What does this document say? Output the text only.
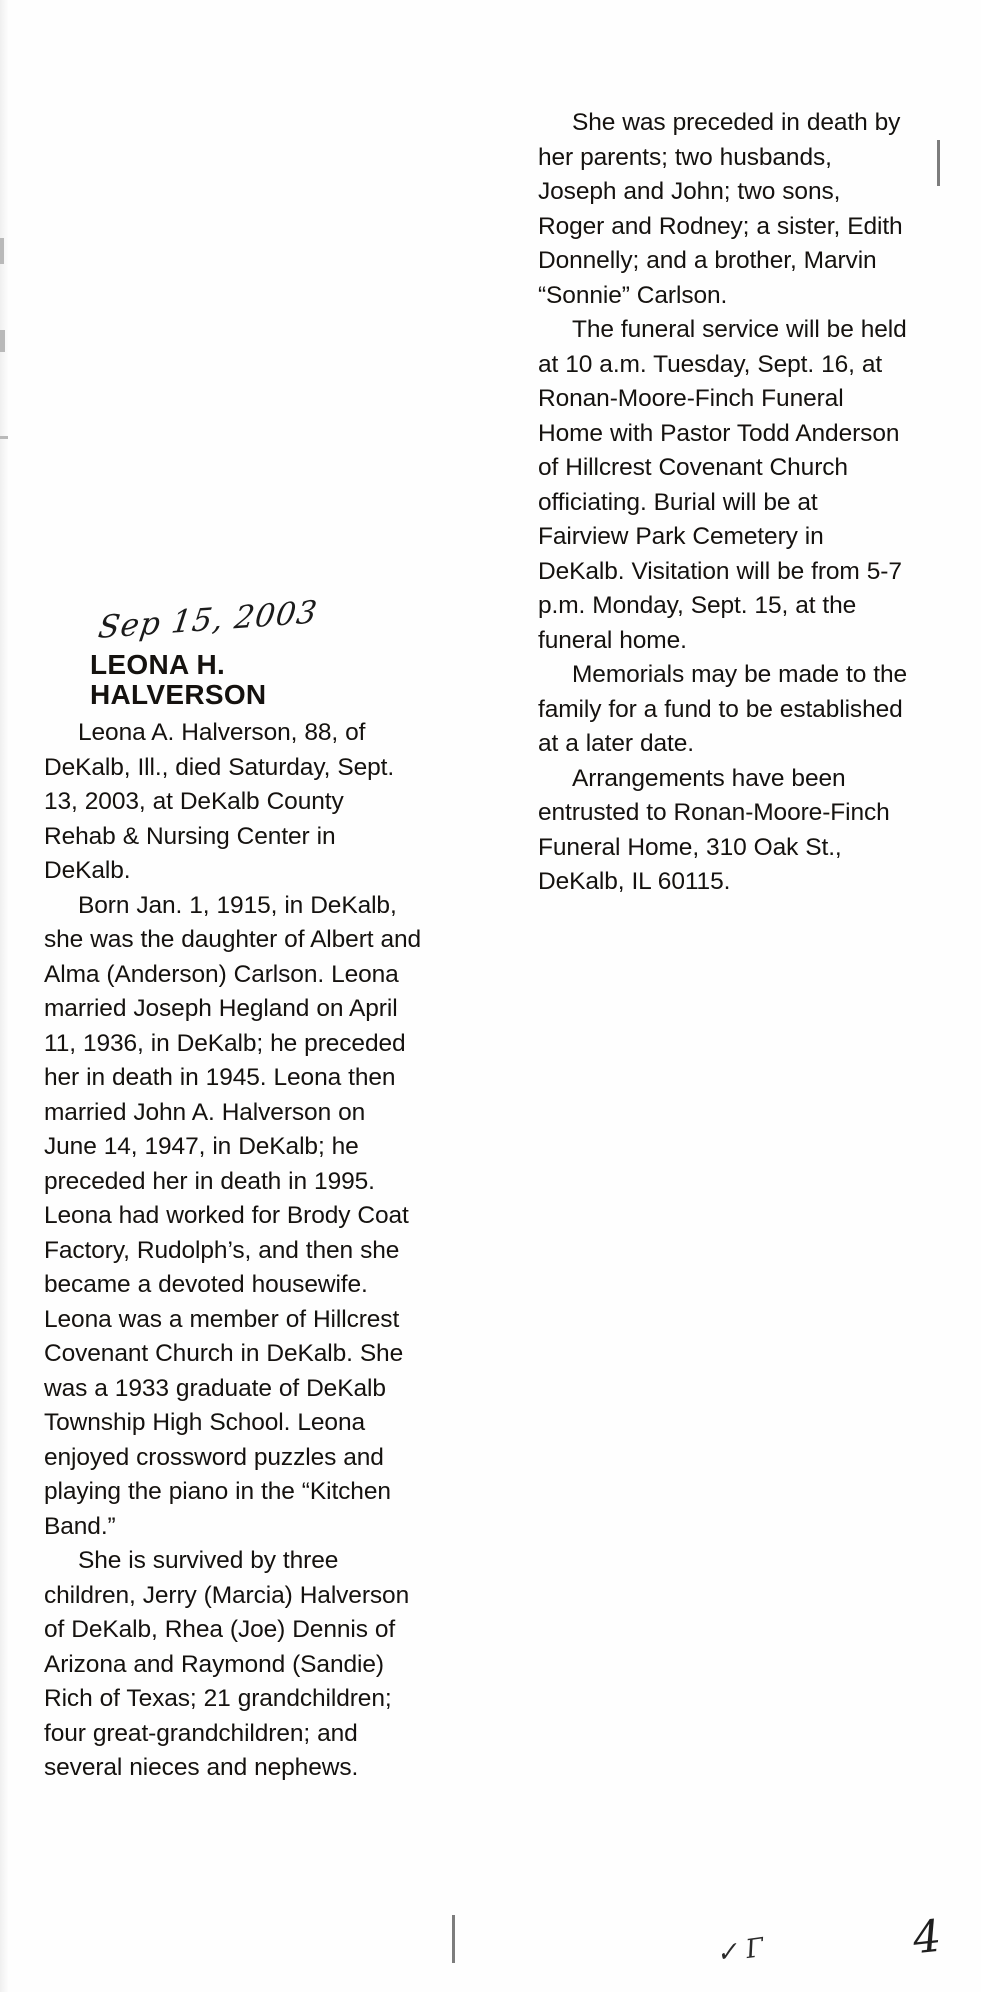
She was preceded in death by her parents; two husbands, Joseph and John; two sons, Roger and Rodney; a sister, Edith Donnelly; and a brother, Marvin “Sonnie” Carlson.

The funeral service will be held at 10 a.m. Tuesday, Sept. 16, at Ronan-Moore-Finch Funeral Home with Pastor Todd Anderson of Hillcrest Covenant Church officiating. Burial will be at Fairview Park Cemetery in DeKalb. Visitation will be from 5-7 p.m. Monday, Sept. 15, at the funeral home.

Memorials may be made to the family for a fund to be established at a later date.

Arrangements have been entrusted to Ronan-Moore-Finch Funeral Home, 310 Oak St., DeKalb, IL 60115.

Sep 15, 2003
LEONA H.
HALVERSON

Leona A. Halverson, 88, of DeKalb, Ill., died Saturday, Sept. 13, 2003, at DeKalb County Rehab & Nursing Center in DeKalb.

Born Jan. 1, 1915, in DeKalb, she was the daughter of Albert and Alma (Anderson) Carlson. Leona married Joseph Hegland on April 11, 1936, in DeKalb; he preceded her in death in 1945. Leona then married John A. Halverson on June 14, 1947, in DeKalb; he preceded her in death in 1995. Leona had worked for Brody Coat Factory, Rudolph’s, and then she became a devoted housewife. Leona was a member of Hillcrest Covenant Church in DeKalb. She was a 1933 graduate of DeKalb Township High School. Leona enjoyed crossword puzzles and playing the piano in the “Kitchen Band.”

She is survived by three children, Jerry (Marcia) Halverson of DeKalb, Rhea (Joe) Dennis of Arizona and Raymond (Sandie) Rich of Texas; 21 grandchildren; four great-grandchildren; and several nieces and nephews.

✓ Γ	4
